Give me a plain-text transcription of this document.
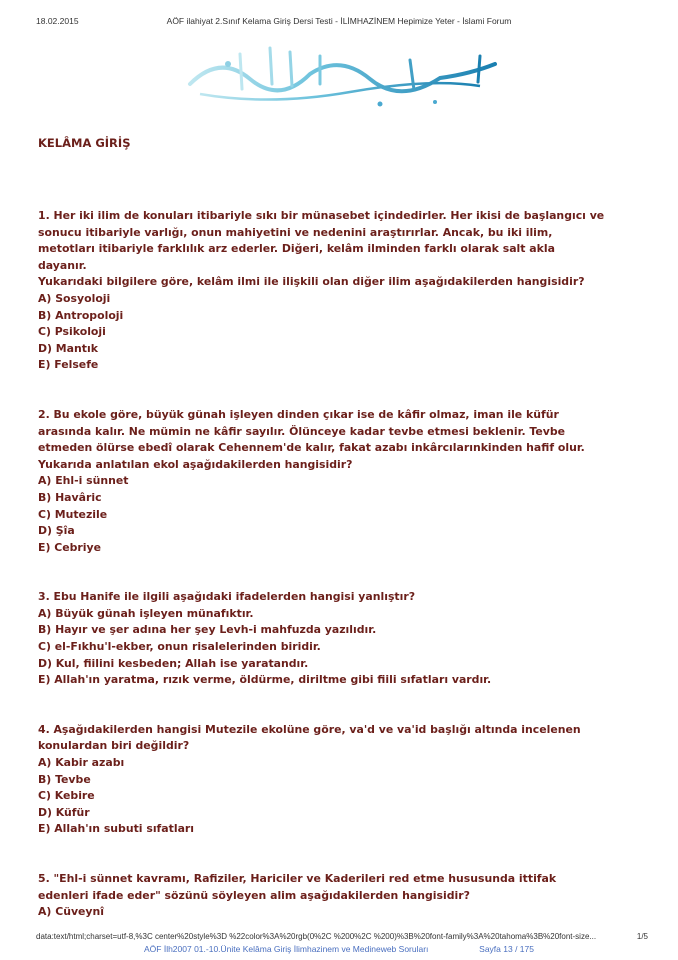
18.02.2015	AÖF ilahiyat 2.Sınıf Kelama Giriş Dersi Testi - İLİMHAZİNEM Hepimize Yeter - İslami Forum
KELÂMA GİRİŞ

1. Her iki ilim de konuları itibariyle sıkı bir münasebet içindedirler. Her ikisi de başlangıcı ve

sonucu itibariyle varlığı, onun mahiyetini ve nedenini araştırırlar. Ancak, bu iki ilim,

metotları itibariyle farklılık arz ederler. Diğeri, kelâm ilminden farklı olarak salt akla

dayanır.

Yukarıdaki bilgilere göre, kelâm ilmi ile ilişkili olan diğer ilim aşağıdakilerden hangisidir?

A) Sosyoloji

B) Antropoloji

C) Psikoloji

D) Mantık

E) Felsefe

2. Bu ekole göre, büyük günah işleyen dinden çıkar ise de kâfir olmaz, iman ile küfür

arasında kalır. Ne mümin ne kâfir sayılır. Ölünceye kadar tevbe etmesi beklenir. Tevbe

etmeden ölürse ebedî olarak Cehennem'de kalır, fakat azabı inkârcılarınkinden hafif olur.

Yukarıda anlatılan ekol aşağıdakilerden hangisidir?

A) Ehl-i sünnet

B) Havâric

C) Mutezile

D) Şîa

E) Cebriye

3. Ebu Hanife ile ilgili aşağıdaki ifadelerden hangisi yanlıştır?

A) Büyük günah işleyen münafıktır.

B) Hayır ve şer adına her şey Levh-i mahfuzda yazılıdır.

C) el-Fıkhu'l-ekber, onun risalelerinden biridir.

D) Kul, fiilini kesbeden; Allah ise yaratandır.

E) Allah'ın yaratma, rızık verme, öldürme, diriltme gibi fiili sıfatları vardır.

4. Aşağıdakilerden hangisi Mutezile ekolüne göre, va'd ve va'id başlığı altında incelenen

konulardan biri değildir?

A) Kabir azabı

B) Tevbe

C) Kebire

D) Küfür

E) Allah'ın subuti sıfatları

5. "Ehl-i sünnet kavramı, Rafiziler, Hariciler ve Kaderileri red etme hususunda ittifak

edenleri ifade eder" sözünü söyleyen alim aşağıdakilerden hangisidir?

A) Cüveynî

data:text/html;charset=utf-8,%3C center%20style%3D %22color%3A%20rgb(0%2C %200%2C %200)%3B%20font-family%3A%20tahoma%3B%20font-size...	1/5
AÖF İlh2007 01.-10.Ünite Kelâma Giriş İlimhazinem ve Medineweb Soruları	Sayfa 13 / 175
